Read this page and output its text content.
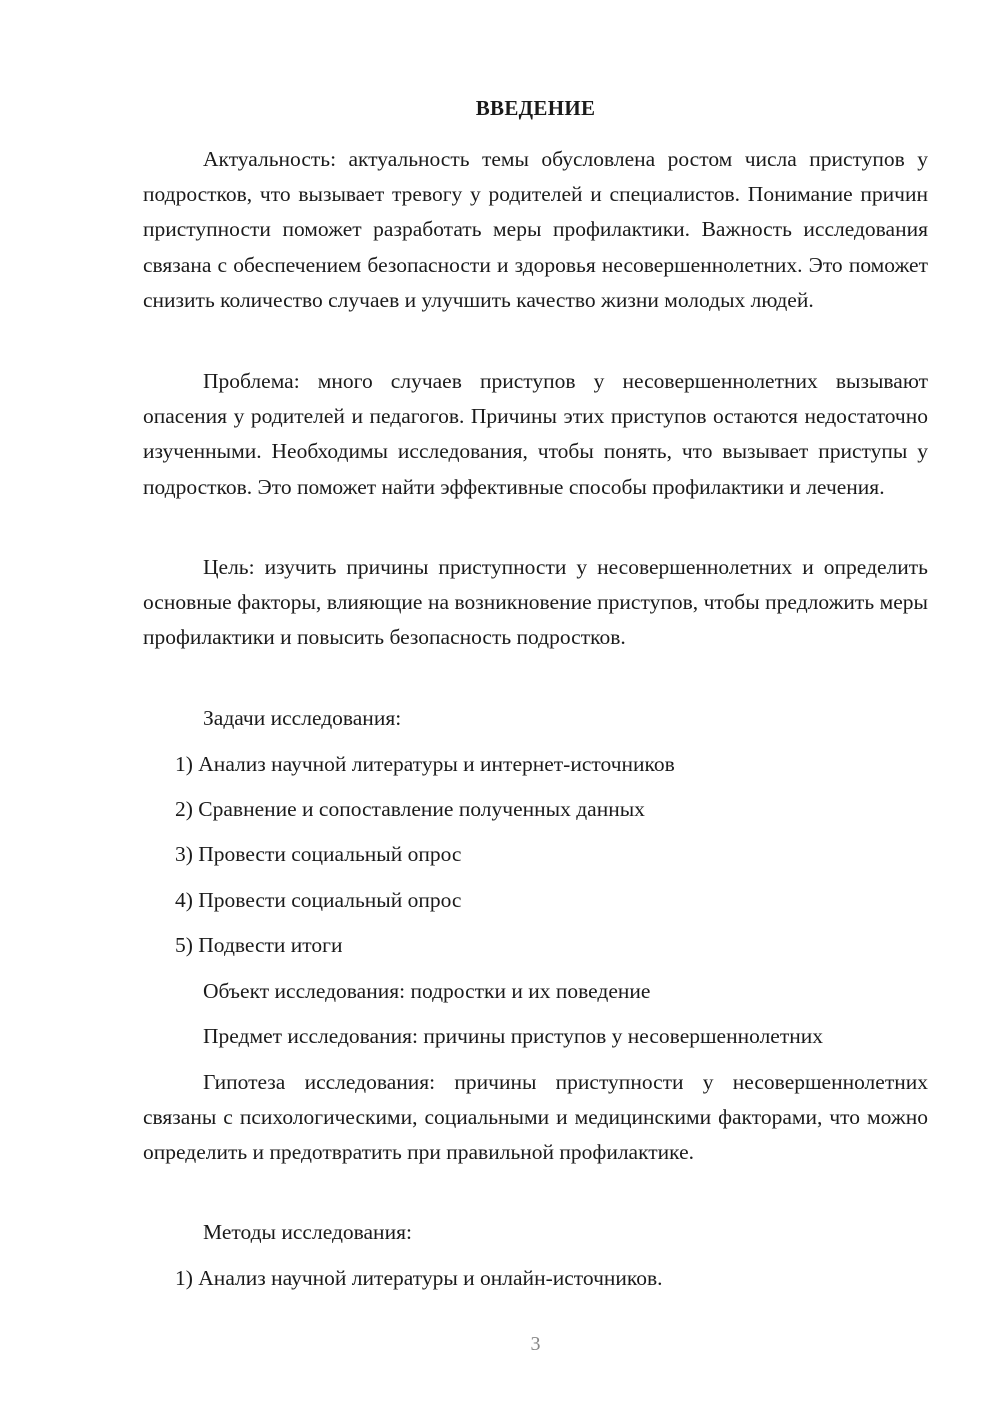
ВВЕДЕНИЕ

Актуальность: актуальность темы обусловлена ростом числа приступов у подростков, что вызывает тревогу у родителей и специалистов. Понимание причин приступности поможет разработать меры профилактики. Важность исследования связана с обеспечением безопасности и здоровья несовершеннолетних. Это поможет снизить количество случаев и улучшить качество жизни молодых людей.

Проблема: много случаев приступов у несовершеннолетних вызывают опасения у родителей и педагогов. Причины этих приступов остаются недостаточно изученными. Необходимы исследования, чтобы понять, что вызывает приступы у подростков. Это поможет найти эффективные способы профилактики и лечения.

Цель: изучить причины приступности у несовершеннолетних и определить основные факторы, влияющие на возникновение приступов, чтобы предложить меры профилактики и повысить безопасность подростков.

Задачи исследования:
1) Анализ научной литературы и интернет-источников
2) Сравнение и сопоставление полученных данных
3) Провести социальный опрос
4) Провести социальный опрос
5) Подвести итоги
Объект исследования: подростки и их поведение
Предмет исследования: причины приступов у несовершеннолетних

Гипотеза исследования: причины приступности у несовершеннолетних связаны с психологическими, социальными и медицинскими факторами, что можно определить и предотвратить при правильной профилактике.

Методы исследования:
1) Анализ научной литературы и онлайн-источников.
3
